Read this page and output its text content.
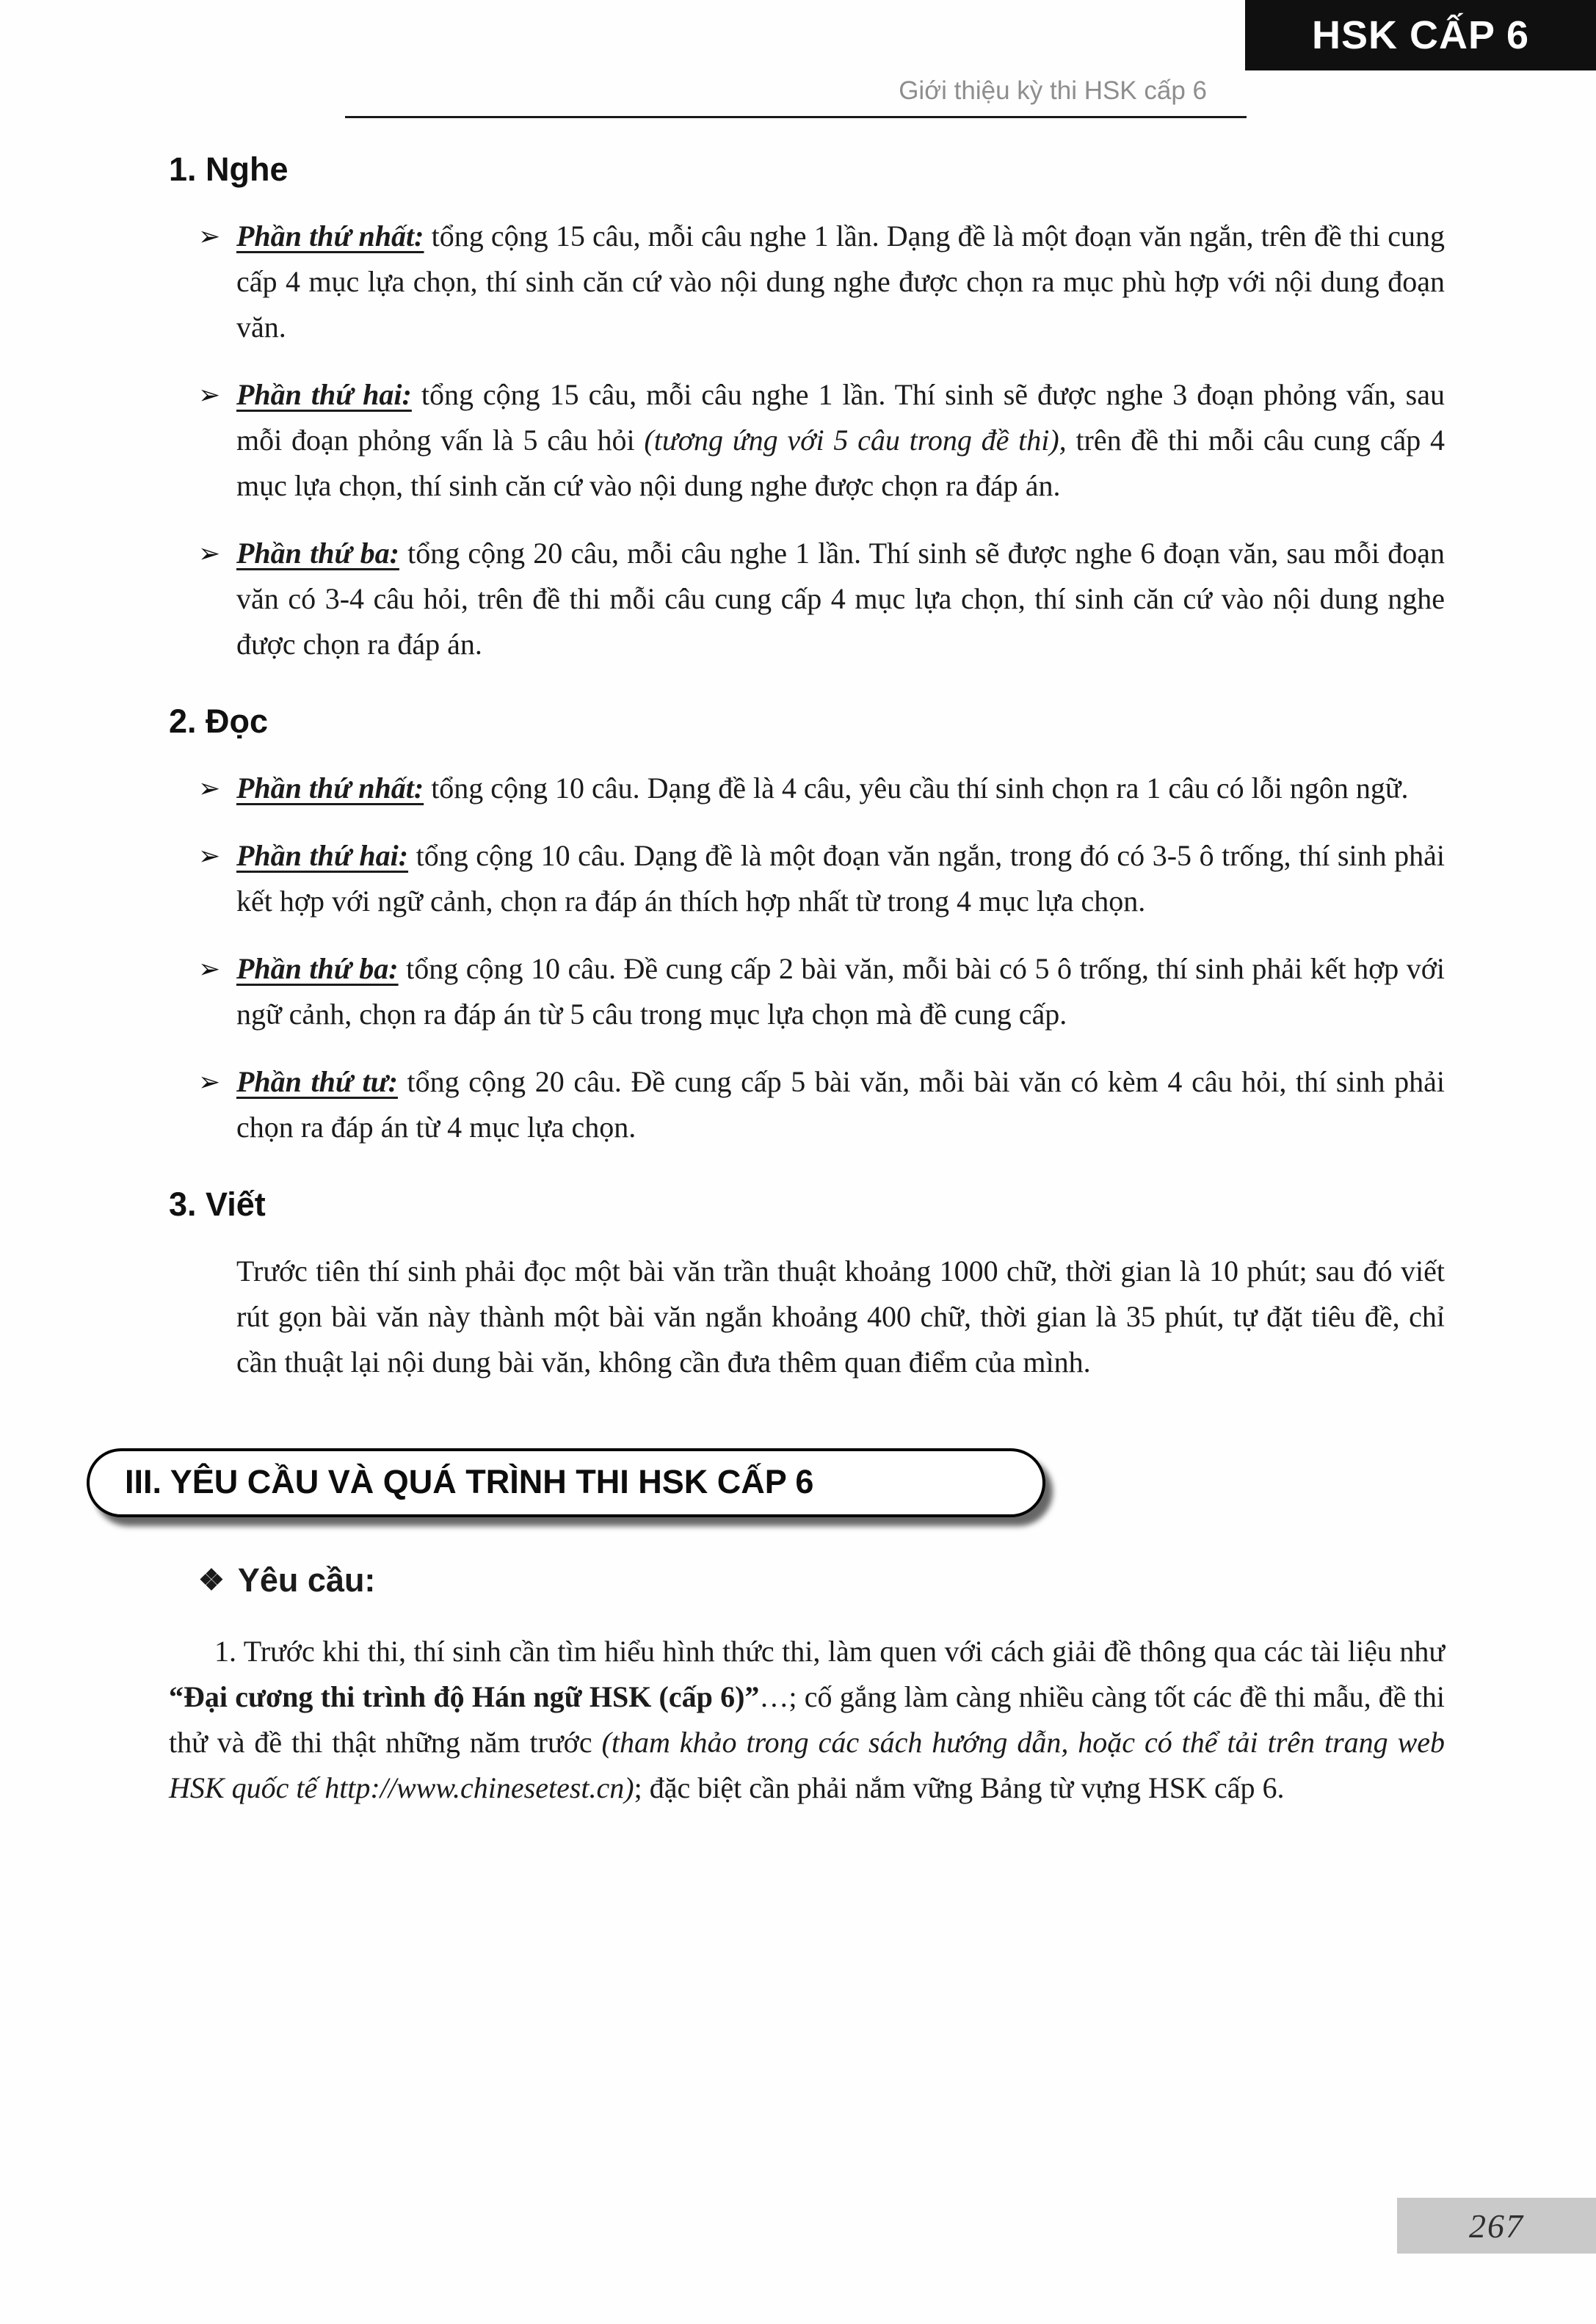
Giới thiệu kỳ thi HSK cấp 6
HSK CẤP 6
1. Nghe
➢ Phần thứ nhất: tổng cộng 15 câu, mỗi câu nghe 1 lần. Dạng đề là một đoạn văn ngắn, trên đề thi cung cấp 4 mục lựa chọn, thí sinh căn cứ vào nội dung nghe được chọn ra mục phù hợp với nội dung đoạn văn.

➢ Phần thứ hai: tổng cộng 15 câu, mỗi câu nghe 1 lần. Thí sinh sẽ được nghe 3 đoạn phỏng vấn, sau mỗi đoạn phỏng vấn là 5 câu hỏi (tương ứng với 5 câu trong đề thi), trên đề thi mỗi câu cung cấp 4 mục lựa chọn, thí sinh căn cứ vào nội dung nghe được chọn ra đáp án.

➢ Phần thứ ba: tổng cộng 20 câu, mỗi câu nghe 1 lần. Thí sinh sẽ được nghe 6 đoạn văn, sau mỗi đoạn văn có 3-4 câu hỏi, trên đề thi mỗi câu cung cấp 4 mục lựa chọn, thí sinh căn cứ vào nội dung nghe được chọn ra đáp án.

2. Đọc
➢ Phần thứ nhất: tổng cộng 10 câu. Dạng đề là 4 câu, yêu cầu thí sinh chọn ra 1 câu có lỗi ngôn ngữ.

➢ Phần thứ hai: tổng cộng 10 câu. Dạng đề là một đoạn văn ngắn, trong đó có 3-5 ô trống, thí sinh phải kết hợp với ngữ cảnh, chọn ra đáp án thích hợp nhất từ trong 4 mục lựa chọn.

➢ Phần thứ ba: tổng cộng 10 câu. Đề cung cấp 2 bài văn, mỗi bài có 5 ô trống, thí sinh phải kết hợp với ngữ cảnh, chọn ra đáp án từ 5 câu trong mục lựa chọn mà đề cung cấp.

➢ Phần thứ tư: tổng cộng 20 câu. Đề cung cấp 5 bài văn, mỗi bài văn có kèm 4 câu hỏi, thí sinh phải chọn ra đáp án từ 4 mục lựa chọn.

3. Viết

Trước tiên thí sinh phải đọc một bài văn trần thuật khoảng 1000 chữ, thời gian là 10 phút; sau đó viết rút gọn bài văn này thành một bài văn ngắn khoảng 400 chữ, thời gian là 35 phút, tự đặt tiêu đề, chỉ cần thuật lại nội dung bài văn, không cần đưa thêm quan điểm của mình.

III. YÊU CẦU VÀ QUÁ TRÌNH THI HSK CẤP 6
❖ Yêu cầu:

1. Trước khi thi, thí sinh cần tìm hiểu hình thức thi, làm quen với cách giải đề thông qua các tài liệu như “Đại cương thi trình độ Hán ngữ HSK (cấp 6)”…; cố gắng làm càng nhiều càng tốt các đề thi mẫu, đề thi thử và đề thi thật những năm trước (tham khảo trong các sách hướng dẫn, hoặc có thể tải trên trang web HSK quốc tế http://www.chinesetest.cn); đặc biệt cần phải nắm vững Bảng từ vựng HSK cấp 6.

267
